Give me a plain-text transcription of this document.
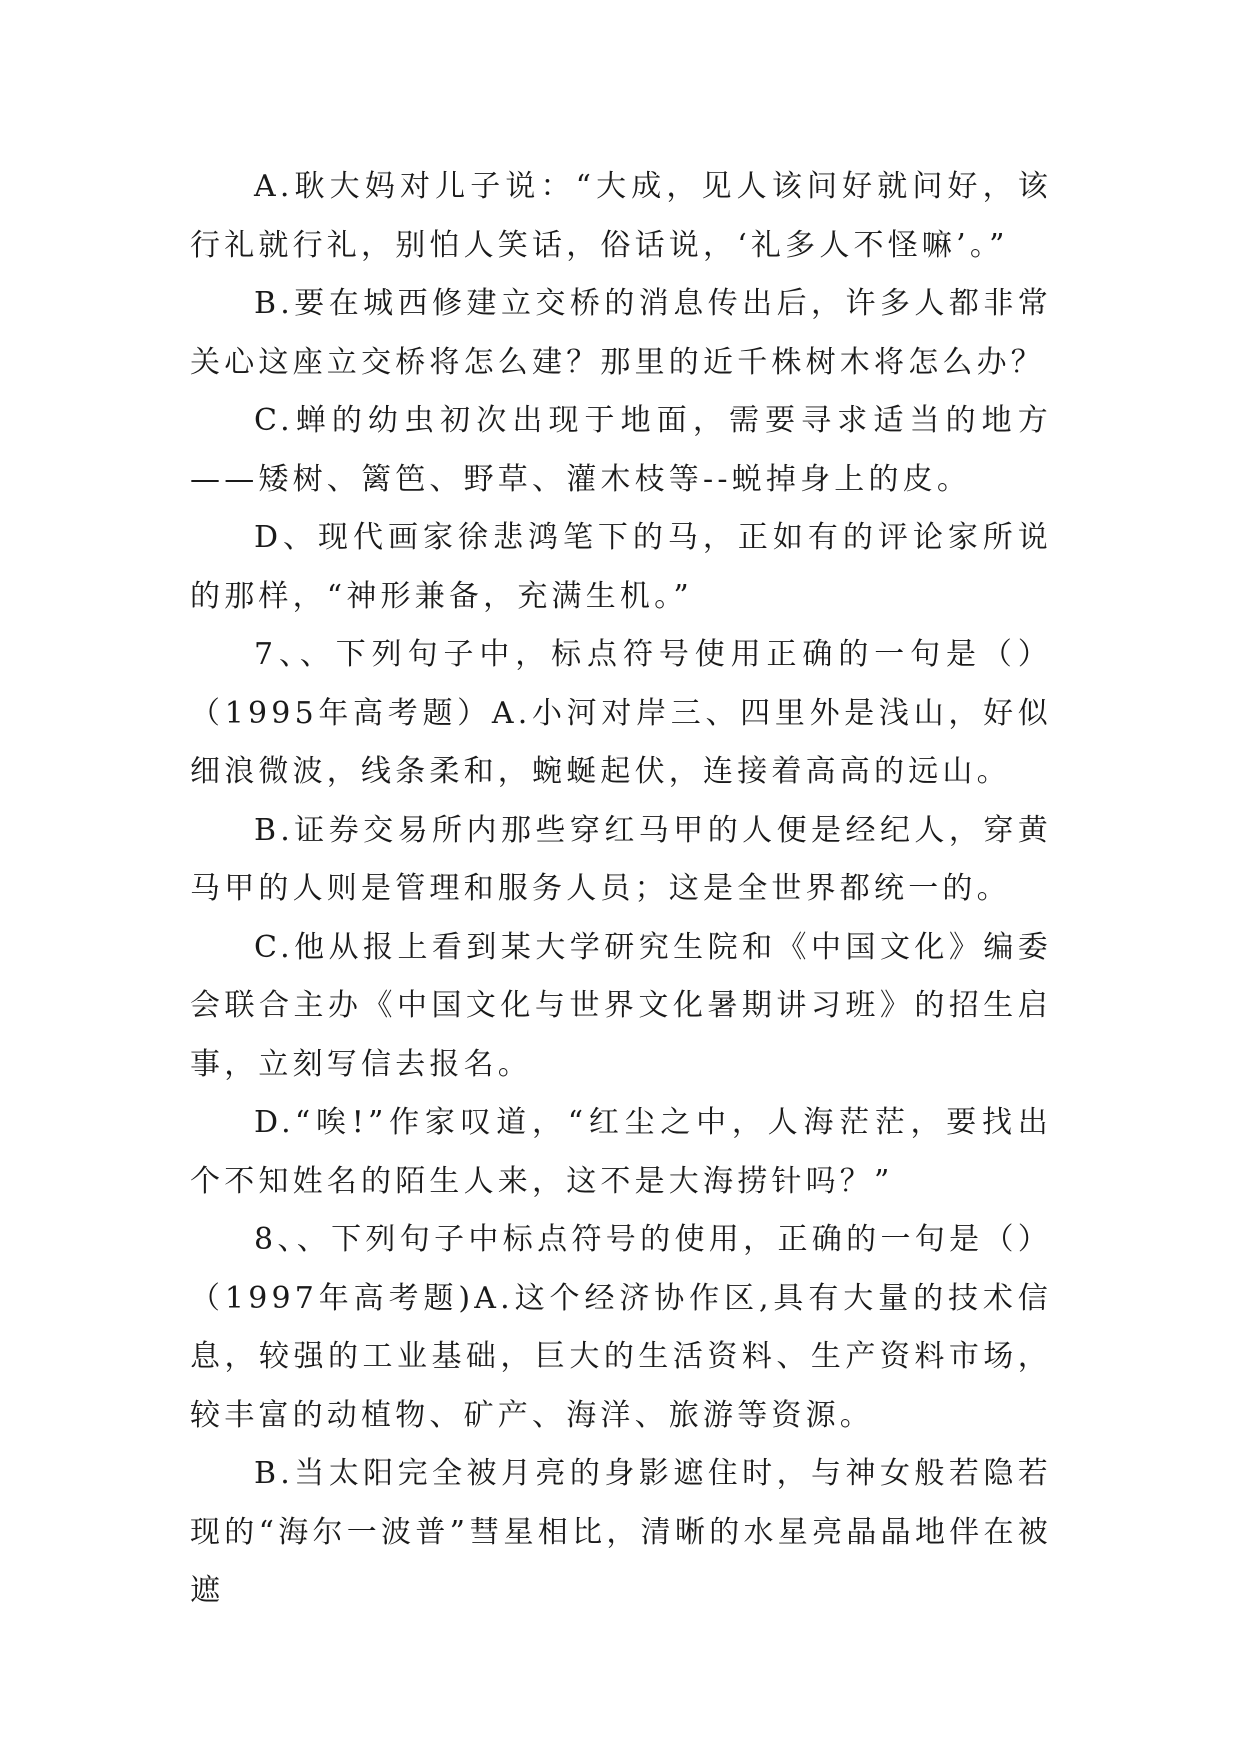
A.耿大妈对儿子说：“大成，见人该问好就问好，该行礼就行礼，别怕人笑话，俗话说，‘礼多人不怪嘛’。”

B.要在城西修建立交桥的消息传出后，许多人都非常关心这座立交桥将怎么建？那里的近千株树木将怎么办？

C.蝉的幼虫初次出现于地面，需要寻求适当的地方——矮树、篱笆、野草、灌木枝等--蜕掉身上的皮。

D、现代画家徐悲鸿笔下的马，正如有的评论家所说的那样，“神形兼备，充满生机。”

7、、下列句子中，标点符号使用正确的一句是（）（1995年高考题）A.小河对岸三、四里外是浅山，好似细浪微波，线条柔和，蜿蜒起伏，连接着高高的远山。

B.证券交易所内那些穿红马甲的人便是经纪人，穿黄马甲的人则是管理和服务人员；这是全世界都统一的。

C.他从报上看到某大学研究生院和《中国文化》编委会联合主办《中国文化与世界文化暑期讲习班》的招生启事，立刻写信去报名。

D.“唉!”作家叹道，“红尘之中，人海茫茫，要找出个不知姓名的陌生人来，这不是大海捞针吗？”

8、、下列句子中标点符号的使用，正确的一句是（）（1997年高考题)A.这个经济协作区,具有大量的技术信息，较强的工业基础，巨大的生活资料、生产资料市场，较丰富的动植物、矿产、海洋、旅游等资源。

B.当太阳完全被月亮的身影遮住时，与神女般若隐若现的“海尔一波普”彗星相比，清晰的水星亮晶晶地伴在被遮
